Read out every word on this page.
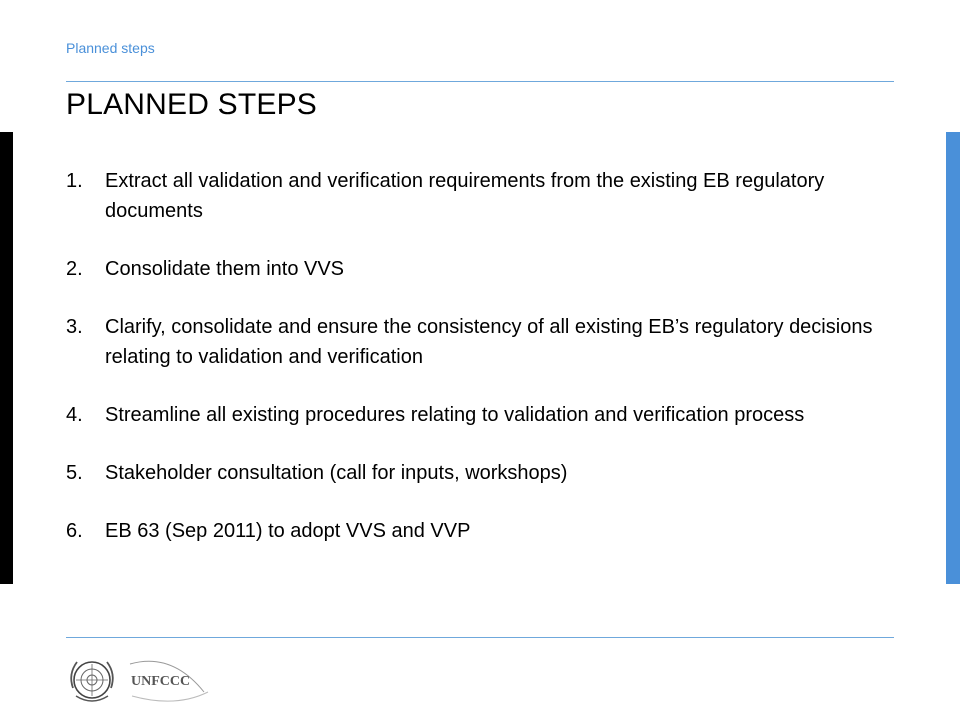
Planned steps
PLANNED STEPS
1.	Extract all validation and verification requirements from the existing EB regulatory documents
2.	Consolidate them into VVS
3.	Clarify, consolidate and ensure the consistency of all existing EB’s regulatory decisions relating to validation and verification
4.	Streamline all existing procedures relating to validation and verification process
5.	Stakeholder consultation (call for inputs, workshops)
6.	EB 63 (Sep 2011) to adopt VVS and VVP
UNFCCC
